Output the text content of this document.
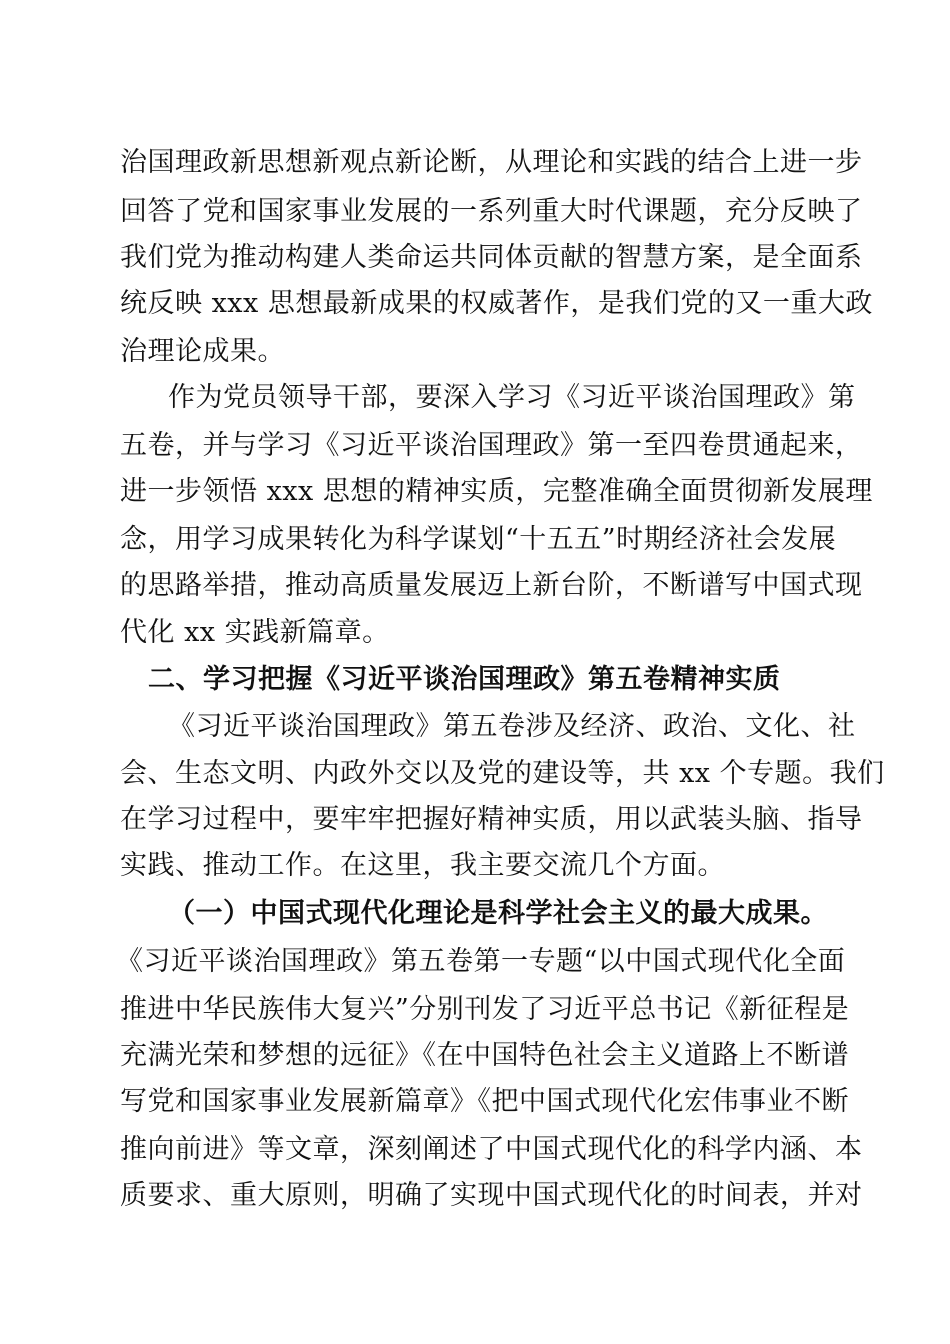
治国理政新思想新观点新论断，从理论和实践的结合上进一步
回答了党和国家事业发展的一系列重大时代课题，充分反映了
我们党为推动构建人类命运共同体贡献的智慧方案，是全面系
统反映 xxx 思想最新成果的权威著作，是我们党的又一重大政
治理论成果。
作为党员领导干部，要深入学习《习近平谈治国理政》第
五卷，并与学习《习近平谈治国理政》第一至四卷贯通起来，
进一步领悟 xxx 思想的精神实质，完整准确全面贯彻新发展理
念，用学习成果转化为科学谋划“十五五”时期经济社会发展
的思路举措，推动高质量发展迈上新台阶，不断谱写中国式现
代化 xx 实践新篇章。
二、学习把握《习近平谈治国理政》第五卷精神实质
《习近平谈治国理政》第五卷涉及经济、政治、文化、社
会、生态文明、内政外交以及党的建设等，共 xx 个专题。我们
在学习过程中，要牢牢把握好精神实质，用以武装头脑、指导
实践、推动工作。在这里，我主要交流几个方面。
（一）中国式现代化理论是科学社会主义的最大成果。
《习近平谈治国理政》第五卷第一专题“以中国式现代化全面
推进中华民族伟大复兴”分别刊发了习近平总书记《新征程是
充满光荣和梦想的远征》《在中国特色社会主义道路上不断谱
写党和国家事业发展新篇章》《把中国式现代化宏伟事业不断
推向前进》等文章，深刻阐述了中国式现代化的科学内涵、本
质要求、重大原则，明确了实现中国式现代化的时间表，并对
